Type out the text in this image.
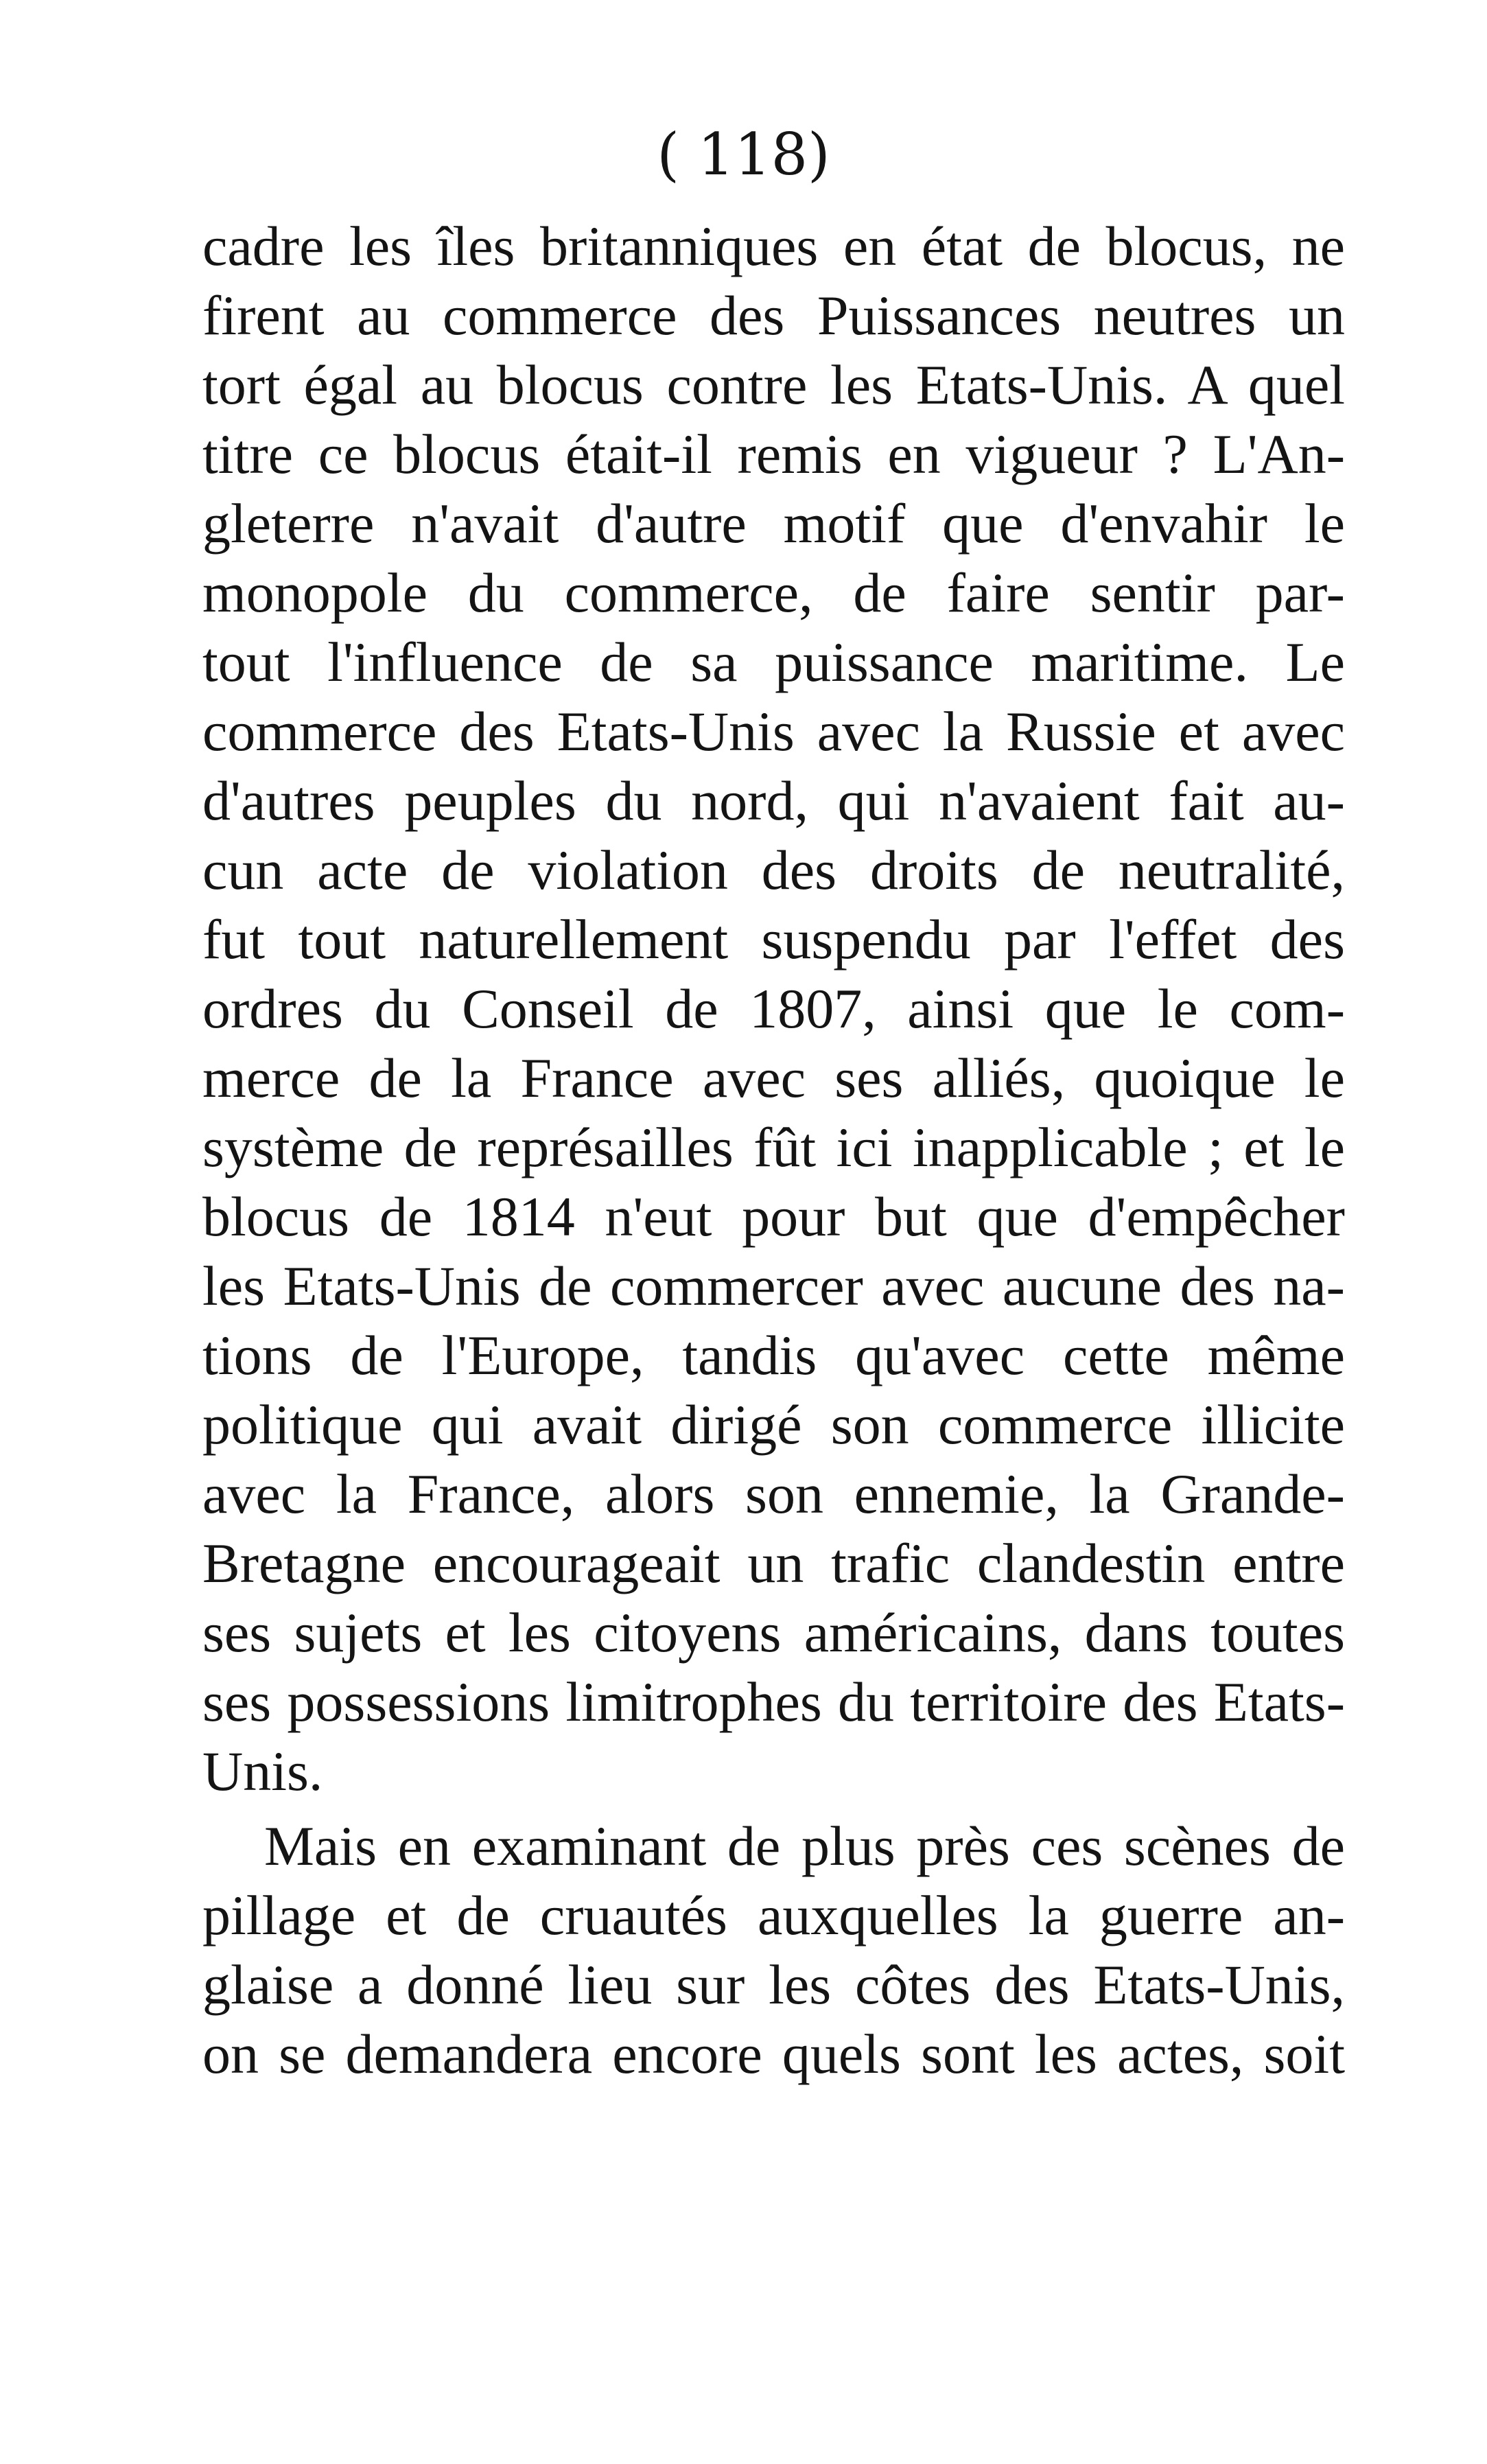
( 118)
cadre les îles britanniques en état de blocus, ne
firent au commerce des Puissances neutres un
tort égal au blocus contre les Etats-Unis. A quel
titre ce blocus était-il remis en vigueur ? L'An-
gleterre n'avait d'autre motif que d'envahir le
monopole du commerce, de faire sentir par-
tout l'influence de sa puissance maritime. Le
commerce des Etats-Unis avec la Russie et avec
d'autres peuples du nord, qui n'avaient fait au-
cun acte de violation des droits de neutralité,
fut tout naturellement suspendu par l'effet des
ordres du Conseil de 1807, ainsi que le com-
merce de la France avec ses alliés, quoique le
système de représailles fût ici inapplicable ; et le
blocus de 1814 n'eut pour but que d'empêcher
les Etats-Unis de commercer avec aucune des na-
tions de l'Europe, tandis qu'avec cette même
politique qui avait dirigé son commerce illicite
avec la France, alors son ennemie, la Grande-
Bretagne encourageait un trafic clandestin entre
ses sujets et les citoyens américains, dans toutes
ses possessions limitrophes du territoire des Etats-
Unis.
Mais en examinant de plus près ces scènes de
pillage et de cruautés auxquelles la guerre an-
glaise a donné lieu sur les côtes des Etats-Unis,
on se demandera encore quels sont les actes, soit
